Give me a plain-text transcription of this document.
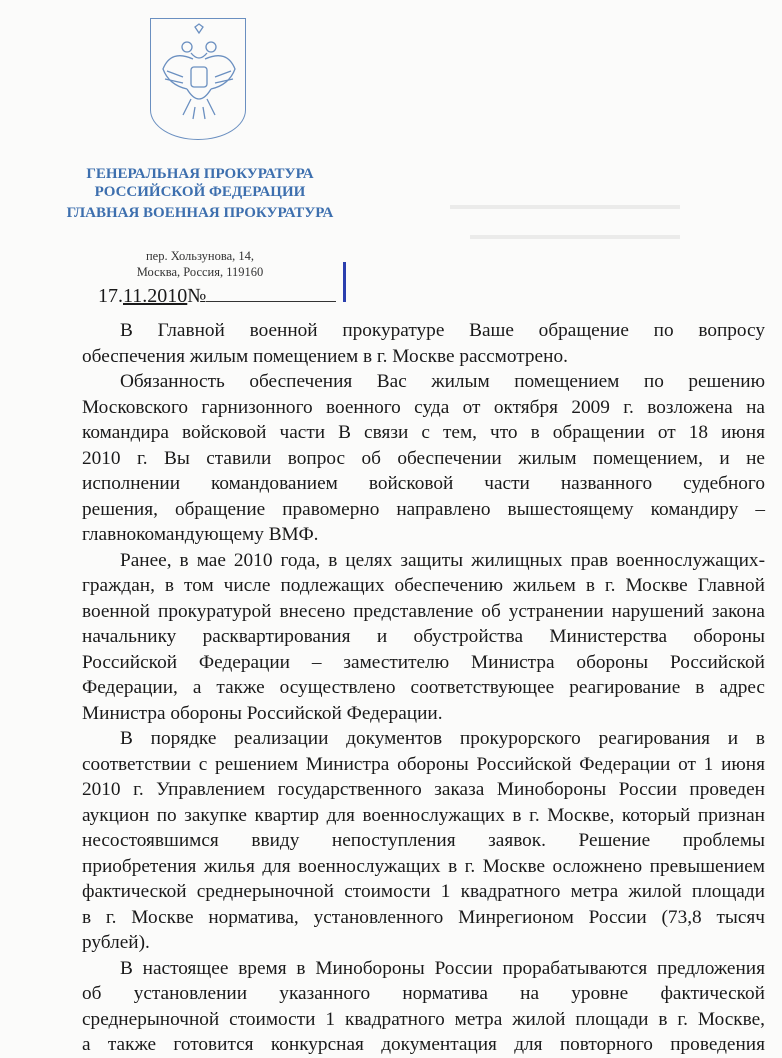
ГЕНЕРАЛЬНАЯ ПРОКУРАТУРА
РОССИЙСКОЙ ФЕДЕРАЦИИ
ГЛАВНАЯ ВОЕННАЯ ПРОКУРАТУРА
пер. Хользунова, 14,
Москва, Россия, 119160
17.11.2010№
В Главной военной прокуратуре Ваше обращение по вопросу
обеспечения жилым помещением в г. Москве рассмотрено.
Обязанность обеспечения Вас жилым помещением по решению
Московского гарнизонного военного суда от октября 2009 г. возложена на
командира войсковой части В связи с тем, что в обращении от 18 июня
2010 г. Вы ставили вопрос об обеспечении жилым помещением, и не
исполнении командованием войсковой части названного судебного
решения, обращение правомерно направлено вышестоящему командиру –
главнокомандующему ВМФ.
Ранее, в мае 2010 года, в целях защиты жилищных прав военнослужащих-
граждан, в том числе подлежащих обеспечению жильем в г. Москве Главной
военной прокуратурой внесено представление об устранении нарушений закона
начальнику расквартирования и обустройства Министерства обороны
Российской Федерации – заместителю Министра обороны Российской
Федерации, а также осуществлено соответствующее реагирование в адрес
Министра обороны Российской Федерации.
В порядке реализации документов прокурорского реагирования и в
соответствии с решением Министра обороны Российской Федерации от 1 июня
2010 г. Управлением государственного заказа Минобороны России проведен
аукцион по закупке квартир для военнослужащих в г. Москве, который признан
несостоявшимся ввиду непоступления заявок. Решение проблемы
приобретения жилья для военнослужащих в г. Москве осложнено превышением
фактической среднерыночной стоимости 1 квадратного метра жилой площади
в г. Москве норматива, установленного Минрегионом России (73,8 тысяч
рублей).
В настоящее время в Минобороны России прорабатываются предложения
об установлении указанного норматива на уровне фактической
среднерыночной стоимости 1 квадратного метра жилой площади в г. Москве,
а также готовится конкурсная документация для повторного проведения
